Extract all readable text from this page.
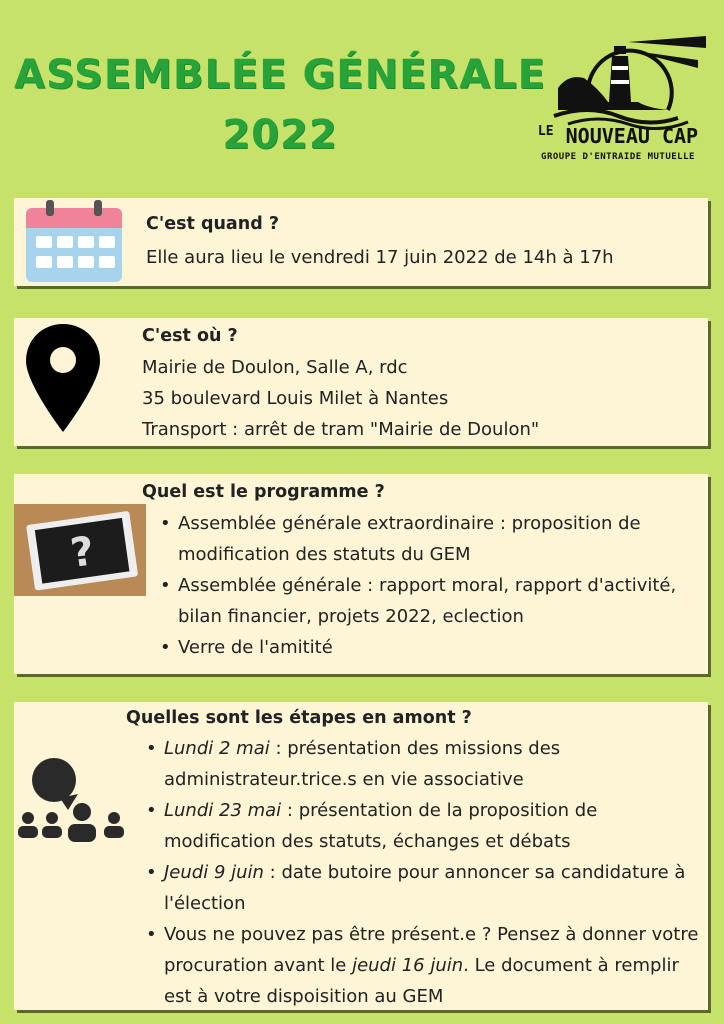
ASSEMBLÉE GÉNÉRALE
2022	$^{LE}$ NOUVEAU CAP
GROUPE D'ENTRAIDE MUTUELLE
C'est quand ?
Elle aura lieu le vendredi 17 juin 2022 de 14h à 17h
C'est où ?
Mairie de Doulon, Salle A, rdc
35 boulevard Louis Milet à Nantes
Transport : arrêt de tram "Mairie de Doulon"
?
Quel est le programme ?
• Assemblée générale extraordinaire : proposition de modification des statuts du GEM
• Assemblée générale : rapport moral, rapport d'activité, bilan financier, projets 2022, eclection
• Verre de l'amitité
Quelles sont les étapes en amont ?
• Lundi 2 mai : présentation des missions des administrateur.trice.s en vie associative
• Lundi 23 mai : présentation de la proposition de modification des statuts, échanges et débats
• Jeudi 9 juin : date butoire pour annoncer sa candidature à l'élection
• Vous ne pouvez pas être présent.e ? Pensez à donner votre procuration avant le jeudi 16 juin. Le document à remplir est à votre dispoisition au GEM
